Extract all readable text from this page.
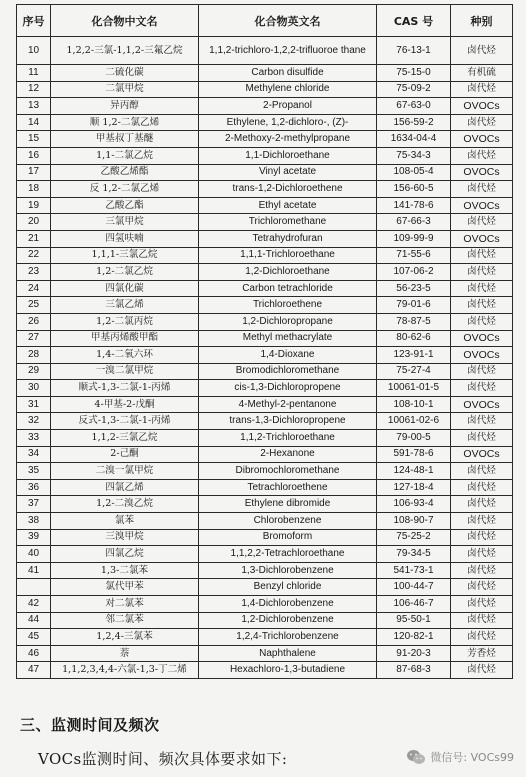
序号	化合物中文名	化合物英文名	CAS 号	种别
10	1,2,2-三氯-1,1,2-三氟乙烷	1,1,2-trichloro-1,2,2-trifluoroe thane	76-13-1	卤代烃
11	二硫化碳	Carbon disulfide	75-15-0	有机硫
12	二氯甲烷	Methylene chloride	75-09-2	卤代烃
13	异丙醇	2-Propanol	67-63-0	OVOCs
14	顺 1,2-二氯乙烯	Ethylene, 1,2-dichloro-, (Z)-	156-59-2	卤代烃
15	甲基叔丁基醚	2-Methoxy-2-methylpropane	1634-04-4	OVOCs
16	1,1-二氯乙烷	1,1-Dichloroethane	75-34-3	卤代烃
17	乙酸乙烯酯	Vinyl acetate	108-05-4	OVOCs
18	反 1,2-二氯乙烯	trans-1,2-Dichloroethene	156-60-5	卤代烃
19	乙酸乙酯	Ethyl acetate	141-78-6	OVOCs
20	三氯甲烷	Trichloromethane	67-66-3	卤代烃
21	四氢呋喃	Tetrahydrofuran	109-99-9	OVOCs
22	1,1,1-三氯乙烷	1,1,1-Trichloroethane	71-55-6	卤代烃
23	1,2-二氯乙烷	1,2-Dichloroethane	107-06-2	卤代烃
24	四氯化碳	Carbon tetrachloride	56-23-5	卤代烃
25	三氯乙烯	Trichloroethene	79-01-6	卤代烃
26	1,2-二氯丙烷	1,2-Dichloropropane	78-87-5	卤代烃
27	甲基丙烯酸甲酯	Methyl methacrylate	80-62-6	OVOCs
28	1,4-二氧六环	1,4-Dioxane	123-91-1	OVOCs
29	一溴二氯甲烷	Bromodichloromethane	75-27-4	卤代烃
30	顺式-1,3-二氯-1-丙烯	cis-1,3-Dichloropropene	10061-01-5	卤代烃
31	4-甲基-2-戊酮	4-Methyl-2-pentanone	108-10-1	OVOCs
32	反式-1,3-二氯-1-丙烯	trans-1,3-Dichloropropene	10061-02-6	卤代烃
33	1,1,2-三氯乙烷	1,1,2-Trichloroethane	79-00-5	卤代烃
34	2-己酮	2-Hexanone	591-78-6	OVOCs
35	二溴一氯甲烷	Dibromochloromethane	124-48-1	卤代烃
36	四氯乙烯	Tetrachloroethene	127-18-4	卤代烃
37	1,2-二溴乙烷	Ethylene dibromide	106-93-4	卤代烃
38	氯苯	Chlorobenzene	108-90-7	卤代烃
39	三溴甲烷	Bromoform	75-25-2	卤代烃
40	四氯乙烷	1,1,2,2-Tetrachloroethane	79-34-5	卤代烃
41	1,3-二氯苯	1,3-Dichlorobenzene	541-73-1	卤代烃
	氯代甲苯	Benzyl chloride	100-44-7	卤代烃
42	对二氯苯	1,4-Dichlorobenzene	106-46-7	卤代烃
44	邻二氯苯	1,2-Dichlorobenzene	95-50-1	卤代烃
45	1,2,4-三氯苯	1,2,4-Trichlorobenzene	120-82-1	卤代烃
46	萘	Naphthalene	91-20-3	芳香烃
47	1,1,2,3,4,4-六氯-1,3-丁二烯	Hexachloro-1,3-butadiene	87-68-3	卤代烃
三、监测时间及频次
VOCs监测时间、频次具体要求如下:	微信号: VOCs99
